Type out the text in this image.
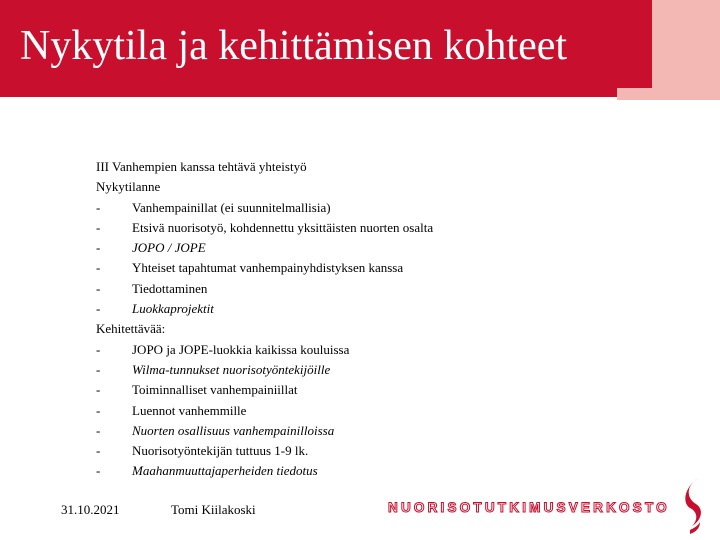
Nykytila ja kehittämisen kohteet
III Vanhempien kanssa tehtävä yhteistyö
Nykytilanne
- Vanhempainillat (ei suunnitelmallisia)
- Etsivä nuorisotyö, kohdennettu yksittäisten nuorten osalta
- JOPO / JOPE
- Yhteiset tapahtumat vanhempainyhdistyksen kanssa
- Tiedottaminen
- Luokkaprojektit
Kehitettävää:
- JOPO ja JOPE-luokkia kaikissa kouluissa
- Wilma-tunnukset nuorisotyöntekijöille
- Toiminnalliset vanhempainiillat
- Luennot vanhemmille
- Nuorten osallisuus vanhempainilloissa
- Nuorisotyöntekijän tuttuus 1-9 lk.
- Maahanmuuttajaperheiden tiedotus
31.10.2021	Tomi Kiilakoski	NUORISOTUTKIMUSVERKOSTO
